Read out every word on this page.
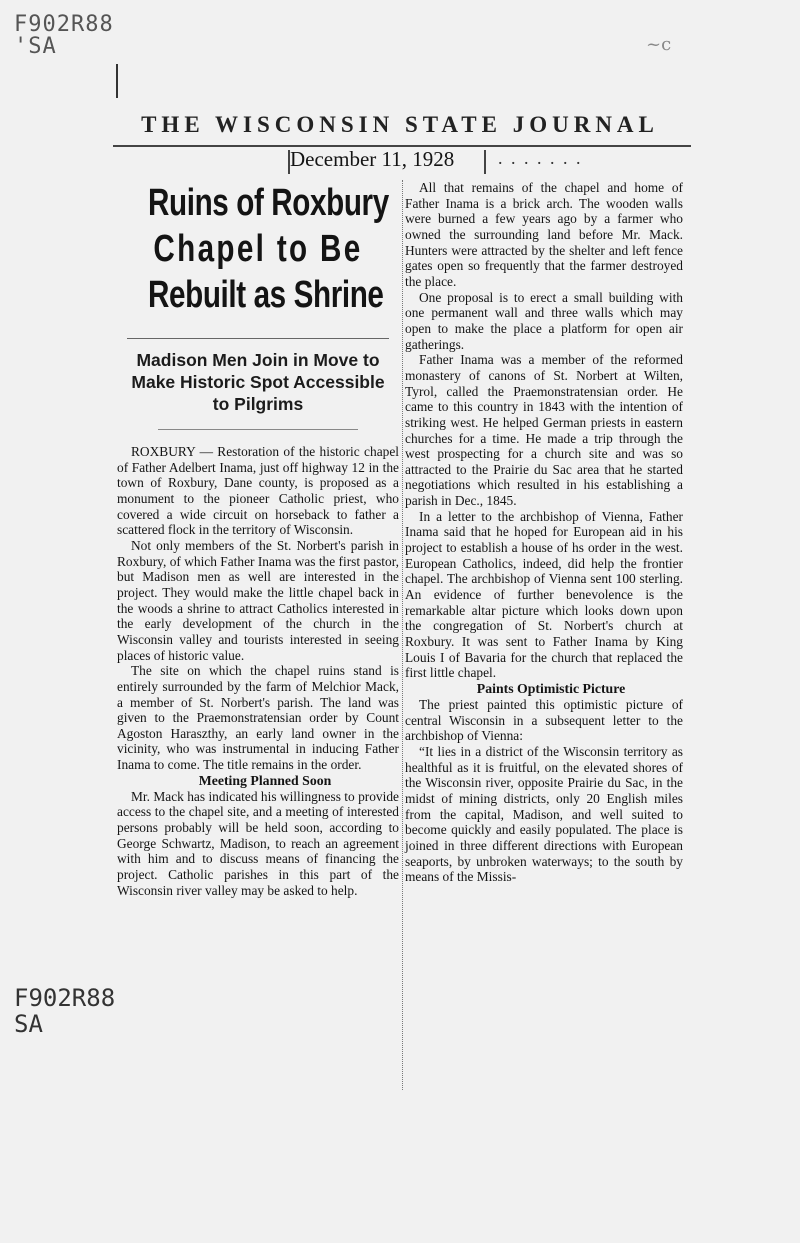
F902R88
'SA	~c
F902R88
SA
THE WISCONSIN STATE JOURNAL
December 11, 1928 . . . . . . .
Ruins of Roxbury
Chapel to Be
Rebuilt as Shrine
Madison Men Join in Move to Make Historic Spot Accessible to Pilgrims

ROXBURY — Restoration of the historic chapel of Father Adelbert Inama, just off highway 12 in the town of Roxbury, Dane county, is proposed as a monument to the pioneer Catholic priest, who covered a wide circuit on horseback to father a scattered flock in the territory of Wisconsin.

Not only members of the St. Norbert's parish in Roxbury, of which Father Inama was the first pastor, but Madison men as well are interested in the project. They would make the little chapel back in the woods a shrine to attract Catholics interested in the early development of the church in the Wisconsin valley and tourists interested in seeing places of historic value.

The site on which the chapel ruins stand is entirely surrounded by the farm of Melchior Mack, a member of St. Norbert's parish. The land was given to the Praemonstratensian order by Count Agoston Haraszthy, an early land owner in the vicinity, who was instrumental in inducing Father Inama to come. The title remains in the order.

Meeting Planned Soon

Mr. Mack has indicated his willingness to provide access to the chapel site, and a meeting of interested persons probably will be held soon, according to George Schwartz, Madison, to reach an agreement with him and to discuss means of financing the project. Catholic parishes in this part of the Wisconsin river valley may be asked to help.

All that remains of the chapel and home of Father Inama is a brick arch. The wooden walls were burned a few years ago by a farmer who owned the surrounding land before Mr. Mack. Hunters were attracted by the shelter and left fence gates open so frequently that the farmer destroyed the place.

One proposal is to erect a small building with one permanent wall and three walls which may open to make the place a platform for open air gatherings.

Father Inama was a member of the reformed monastery of canons of St. Norbert at Wilten, Tyrol, called the Praemonstratensian order. He came to this country in 1843 with the intention of striking west. He helped German priests in eastern churches for a time. He made a trip through the west prospecting for a church site and was so attracted to the Prairie du Sac area that he started negotiations which resulted in his establishing a parish in Dec., 1845.

In a letter to the archbishop of Vienna, Father Inama said that he hoped for European aid in his project to establish a house of hs order in the west. European Catholics, indeed, did help the frontier chapel. The archbishop of Vienna sent 100 sterling. An evidence of further benevolence is the remarkable altar picture which looks down upon the congregation of St. Norbert's church at Roxbury. It was sent to Father Inama by King Louis I of Bavaria for the church that replaced the first little chapel.

Paints Optimistic Picture

The priest painted this optimistic picture of central Wisconsin in a subsequent letter to the archbishop of Vienna:

“It lies in a district of the Wisconsin territory as healthful as it is fruitful, on the elevated shores of the Wisconsin river, opposite Prairie du Sac, in the midst of mining districts, only 20 English miles from the capital, Madison, and well suited to become quickly and easily populated. The place is joined in three different directions with European seaports, by unbroken waterways; to the south by means of the Missis-
